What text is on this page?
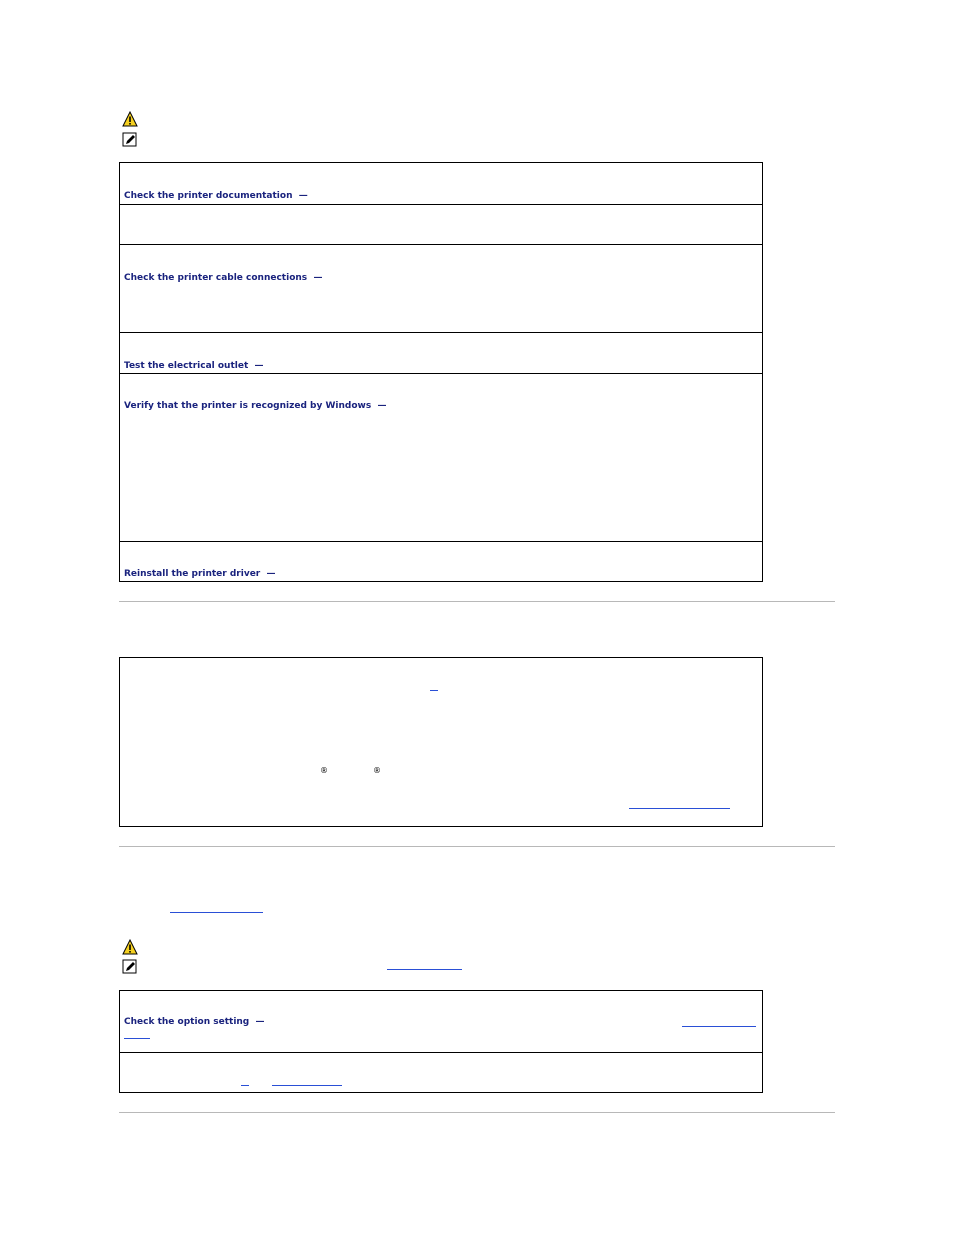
Check the printer documentation —
Check the printer cable connections —
Test the electrical outlet —
Verify that the printer is recognized by Windows —
Reinstall the printer driver —
®	®
Check the option setting —
